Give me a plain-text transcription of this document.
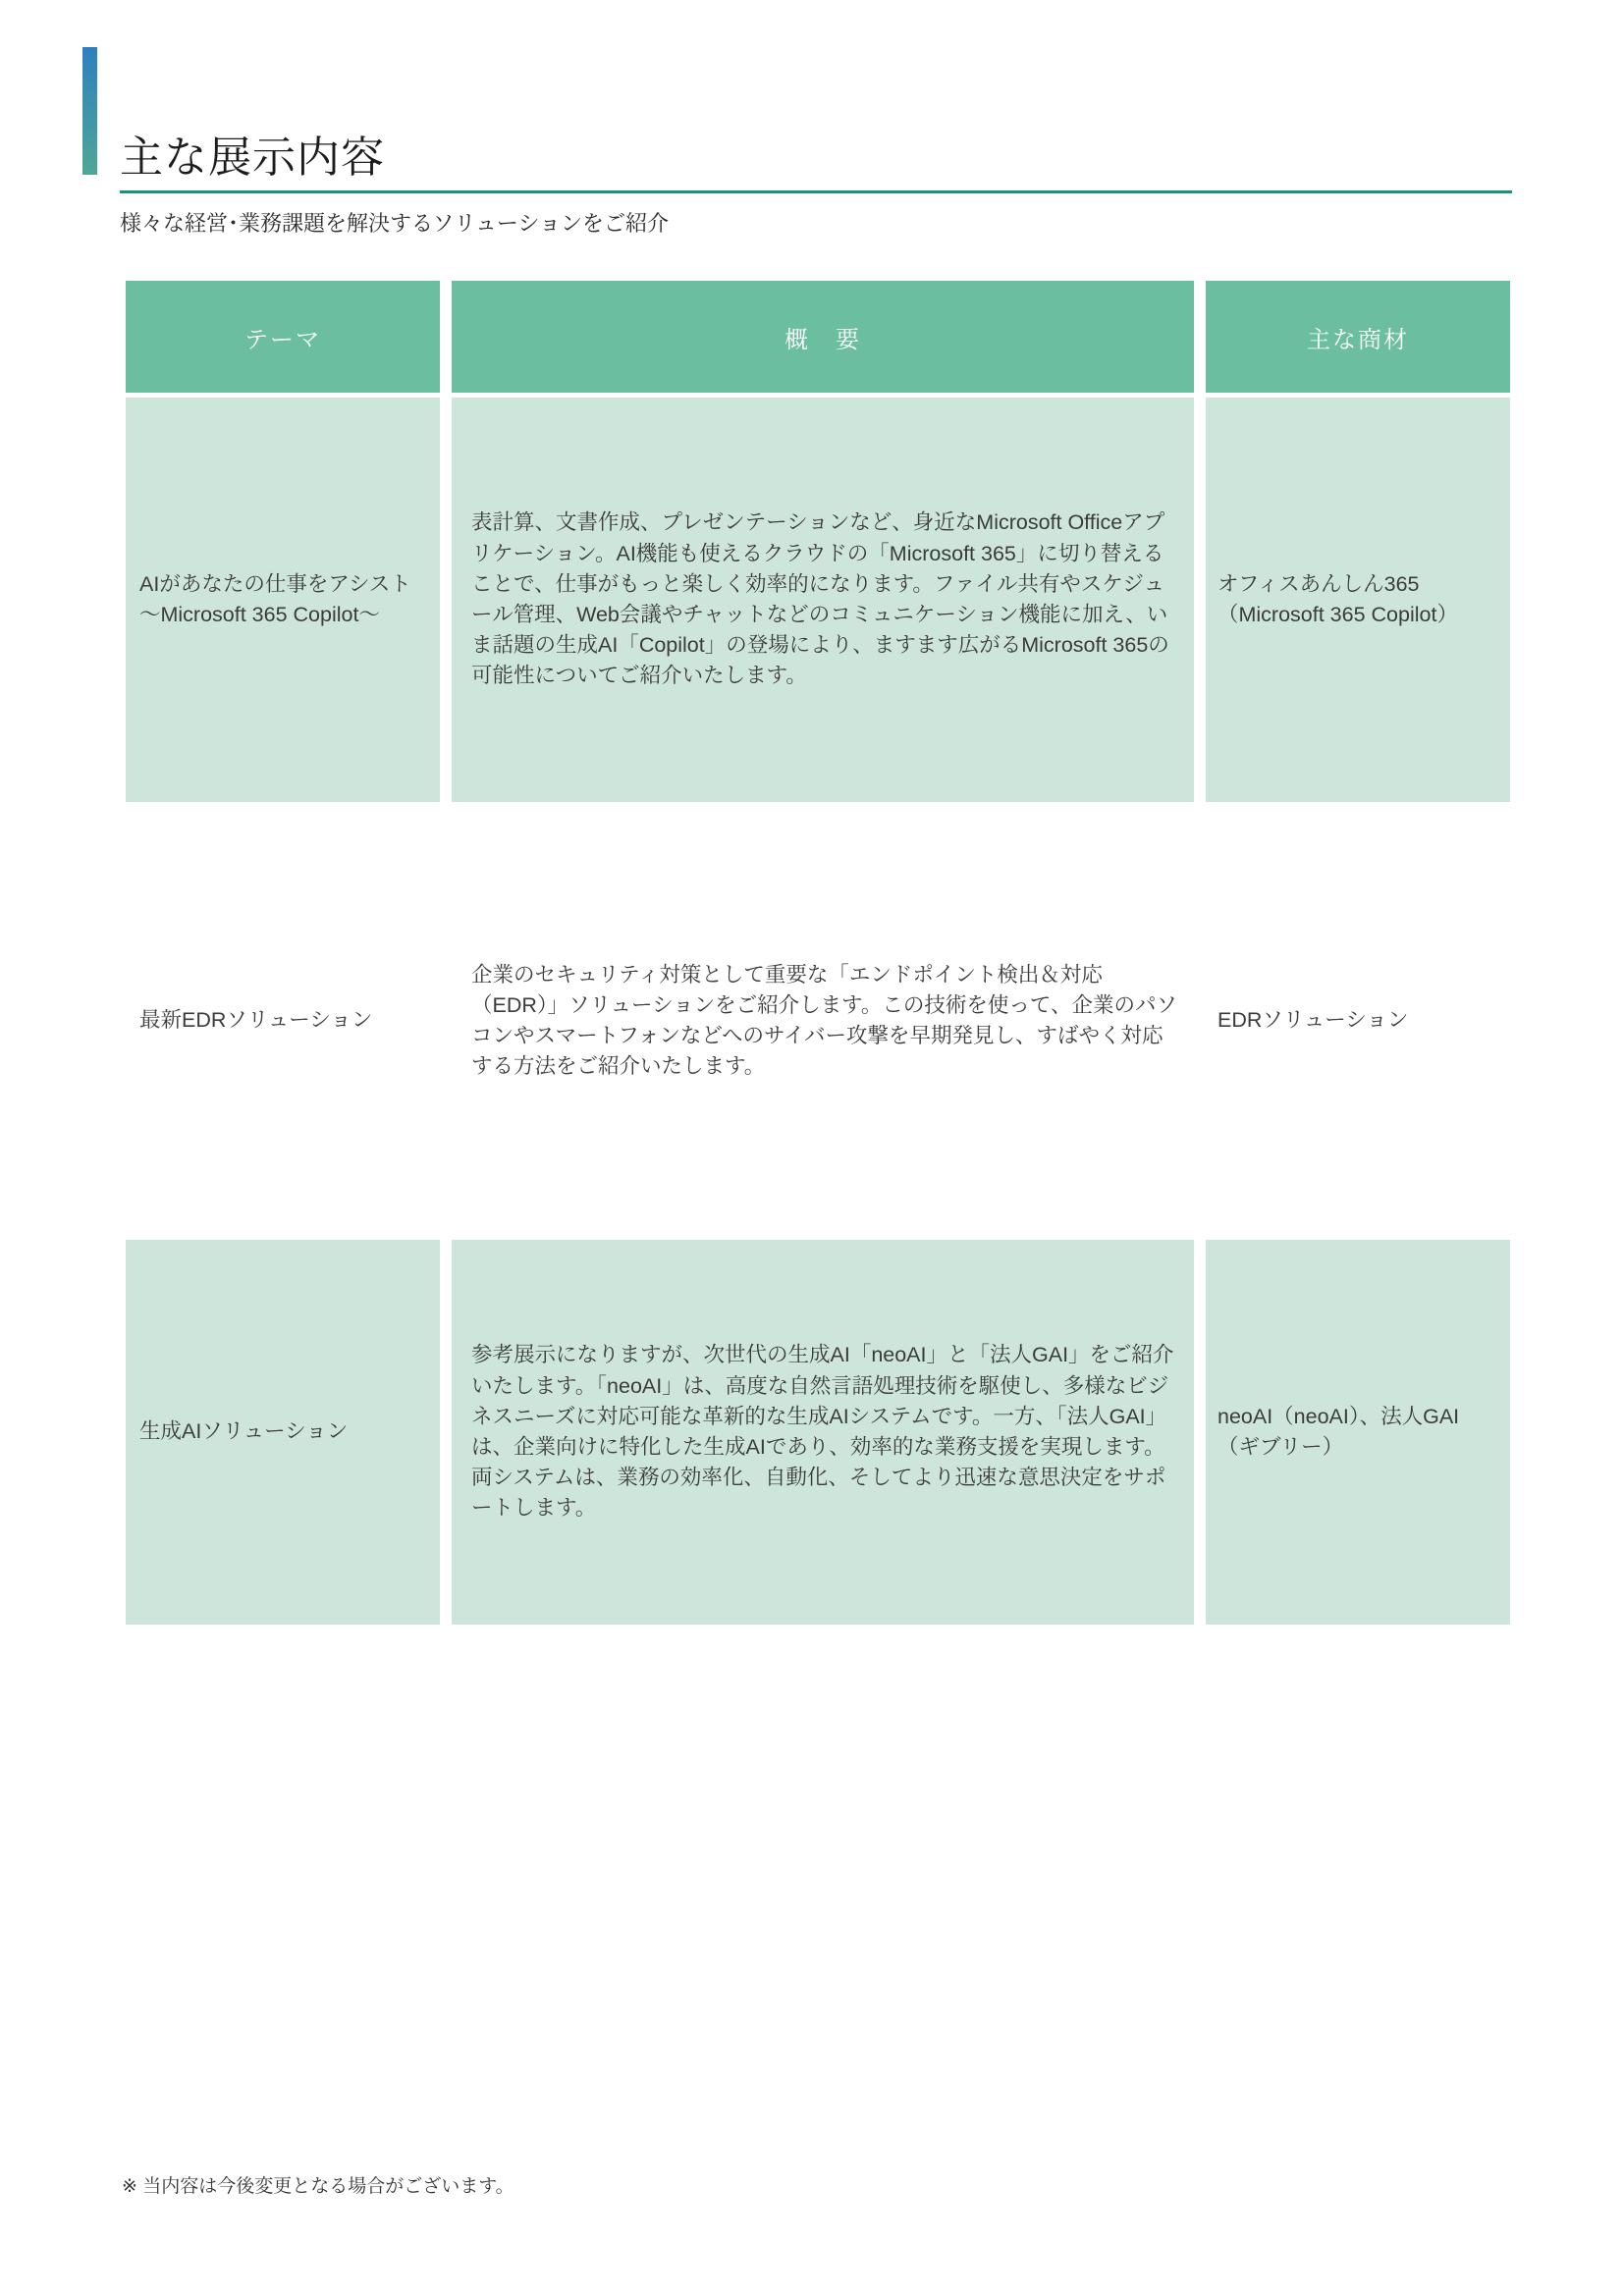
主な展示内容

様々な経営･業務課題を解決するソリューションをご紹介

テーマ	概　要	主な商材

AIがあなたの仕事をアシスト　～Microsoft 365 Copilot～

表計算、文書作成、プレゼンテーションなど、身近なMicrosoft Officeアプリケーション。AI機能も使えるクラウドの「Microsoft 365」に切り替えることで、仕事がもっと楽しく効率的になります。ファイル共有やスケジュール管理、Web会議やチャットなどのコミュニケーション機能に加え、いま話題の生成AI「Copilot」の登場により、ますます広がるMicrosoft 365の可能性についてご紹介いたします。

オフィスあんしん365（Microsoft 365 Copilot）

最新EDRソリューション

企業のセキュリティ対策として重要な「エンドポイント検出＆対応（EDR）」ソリューションをご紹介します。この技術を使って、企業のパソコンやスマートフォンなどへのサイバー攻撃を早期発見し、すばやく対応する方法をご紹介いたします。

EDRソリューション

生成AIソリューション

参考展示になりますが、次世代の生成AI「neoAI」と「法人GAI」をご紹介いたします。「neoAI」は、高度な自然言語処理技術を駆使し、多様なビジネスニーズに対応可能な革新的な生成AIシステムです。一方、「法人GAI」は、企業向けに特化した生成AIであり、効率的な業務支援を実現します。両システムは、業務の効率化、自動化、そしてより迅速な意思決定をサポートします。

neoAI（neoAI）、法人GAI（ギブリー）

※ 当内容は今後変更となる場合がございます。
